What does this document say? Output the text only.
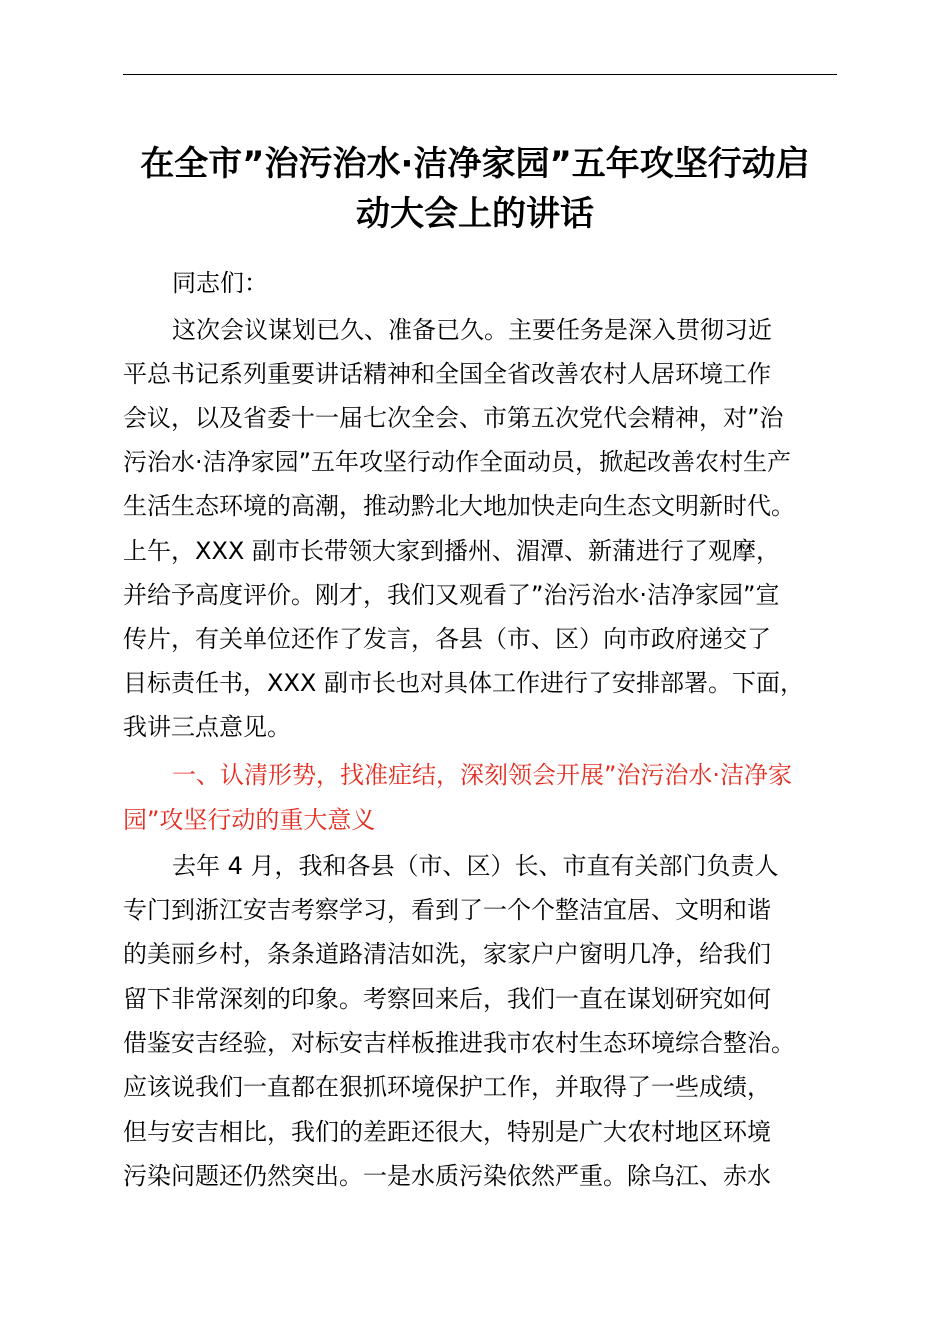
在全市”治污治水·洁净家园”五年攻坚行动启
动大会上的讲话
同志们：
这次会议谋划已久、准备已久。主要任务是深入贯彻习近
平总书记系列重要讲话精神和全国全省改善农村人居环境工作
会议，以及省委十一届七次全会、市第五次党代会精神，对”治
污治水·洁净家园”五年攻坚行动作全面动员，掀起改善农村生产
生活生态环境的高潮，推动黔北大地加快走向生态文明新时代。
上午，XXX 副市长带领大家到播州、湄潭、新蒲进行了观摩，
并给予高度评价。刚才，我们又观看了”治污治水·洁净家园”宣
传片，有关单位还作了发言，各县（市、区）向市政府递交了
目标责任书，XXX 副市长也对具体工作进行了安排部署。下面，
我讲三点意见。
一、认清形势，找准症结，深刻领会开展”治污治水·洁净家
园”攻坚行动的重大意义
去年 4 月，我和各县（市、区）长、市直有关部门负责人
专门到浙江安吉考察学习，看到了一个个整洁宜居、文明和谐
的美丽乡村，条条道路清洁如洗，家家户户窗明几净，给我们
留下非常深刻的印象。考察回来后，我们一直在谋划研究如何
借鉴安吉经验，对标安吉样板推进我市农村生态环境综合整治。
应该说我们一直都在狠抓环境保护工作，并取得了一些成绩，
但与安吉相比，我们的差距还很大，特别是广大农村地区环境
污染问题还仍然突出。一是水质污染依然严重。除乌江、赤水
